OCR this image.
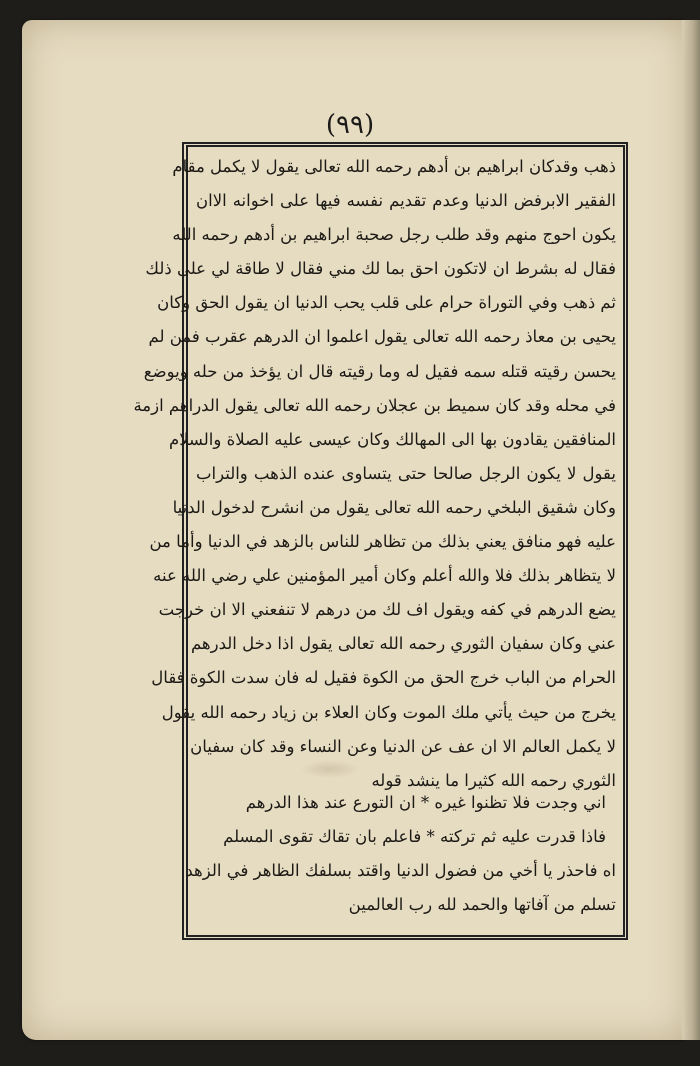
(٩٩)
ذهب وقدكان ابراهيم بن أدهم رحمه الله تعالى يقول لا يكمل مقام
الفقير الابرفض الدنيا وعدم تقديم نفسه فيها على اخوانه الاان
يكون احوج منهم وقد طلب رجل صحبة ابراهيم بن أدهم رحمه الله
فقال له بشرط ان لاتكون احق بما لك مني فقال لا طاقة لي على ذلك
ثم ذهب وفي التوراة حرام على قلب يحب الدنيا ان يقول الحق وكان
يحيى بن معاذ رحمه الله تعالى يقول اعلموا ان الدرهم عقرب فمن لم
يحسن رقيته قتله سمه فقيل له وما رقيته قال ان يؤخذ من حله ويوضع
في محله وقد كان سميط بن عجلان رحمه الله تعالى يقول الدراهم ازمة
المنافقين يقادون بها الى المهالك وكان عيسى عليه الصلاة والسلام
يقول لا يكون الرجل صالحا حتى يتساوى عنده الذهب والتراب
وكان شقيق البلخي رحمه الله تعالى يقول من انشرح لدخول الدنيا
عليه فهو منافق يعني بذلك من تظاهر للناس بالزهد في الدنيا وأما من
لا يتظاهر بذلك فلا والله أعلم وكان أمير المؤمنين علي رضي الله عنه
يضع الدرهم في كفه ويقول اف لك من درهم لا تنفعني الا ان خرجت
عني وكان سفيان الثوري رحمه الله تعالى يقول اذا دخل الدرهم
الحرام من الباب خرج الحق من الكوة فقيل له فان سدت الكوة فقال
يخرج من حيث يأتي ملك الموت وكان العلاء بن زياد رحمه الله يقول
لا يكمل العالم الا ان عف عن الدنيا وعن النساء وقد كان سفيان
الثوري رحمه الله كثيرا ما ينشد قوله
اني وجدت فلا تظنوا غيره * ان التورع عند هذا الدرهم
فاذا قدرت عليه ثم تركته * فاعلم بان تقاك تقوى المسلم
اه فاحذر يا أخي من فضول الدنيا واقتد بسلفك الظاهر في الزهد
تسلم من آفاتها والحمد لله رب العالمين
